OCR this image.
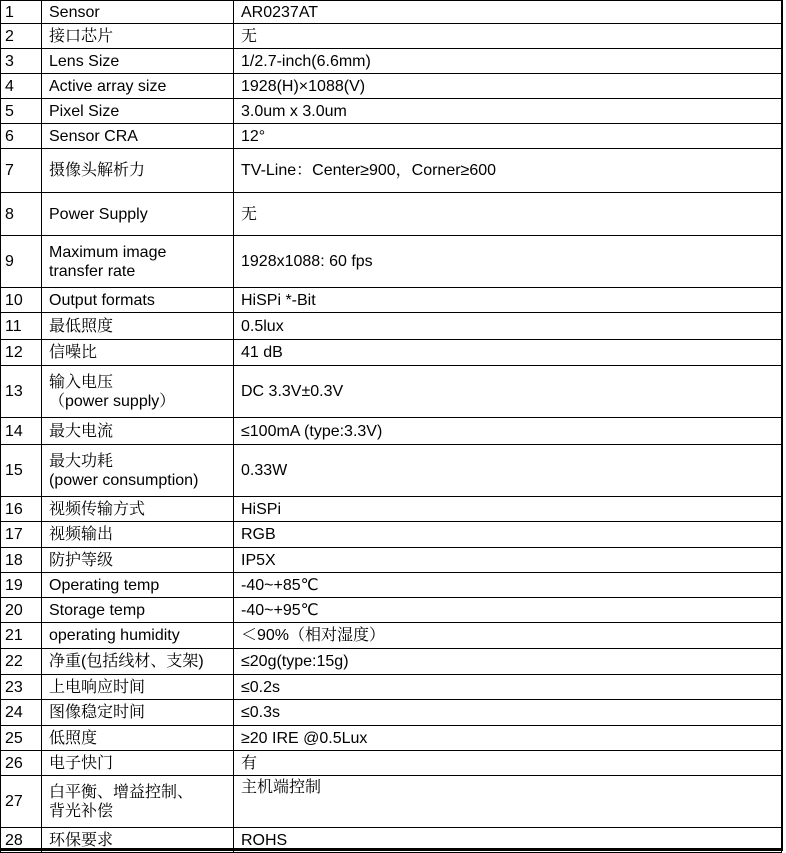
1	Sensor	AR0237AT
2	接口芯片	无
3	Lens Size	1/2.7-inch(6.6mm)
4	Active array size	1928(H)×1088(V)
5	Pixel Size	3.0um x 3.0um
6	Sensor CRA	12°
7	摄像头解析力	TV-Line：Center≥900，Corner≥600
8	Power Supply	无
9	Maximum image
transfer rate	1928x1088: 60 fps
10	Output formats	HiSPi *-Bit
11	最低照度	0.5lux
12	信噪比	41 dB
13	输入电压
（power supply）	DC 3.3V±0.3V
14	最大电流	≤100mA (type:3.3V)
15	最大功耗
(power consumption)	0.33W
16	视频传输方式	HiSPi
17	视频输出	RGB
18	防护等级	IP5X
19	Operating temp	-40~+85℃
20	Storage temp	-40~+95℃
21	operating humidity	＜90%（相对湿度）
22	净重(包括线材、支架)	≤20g(type:15g)
23	上电响应时间	≤0.2s
24	图像稳定时间	≤0.3s
25	低照度	≥20 IRE @0.5Lux
26	电子快门	有
27	白平衡、增益控制、
背光补偿	主机端控制
28	环保要求	ROHS
